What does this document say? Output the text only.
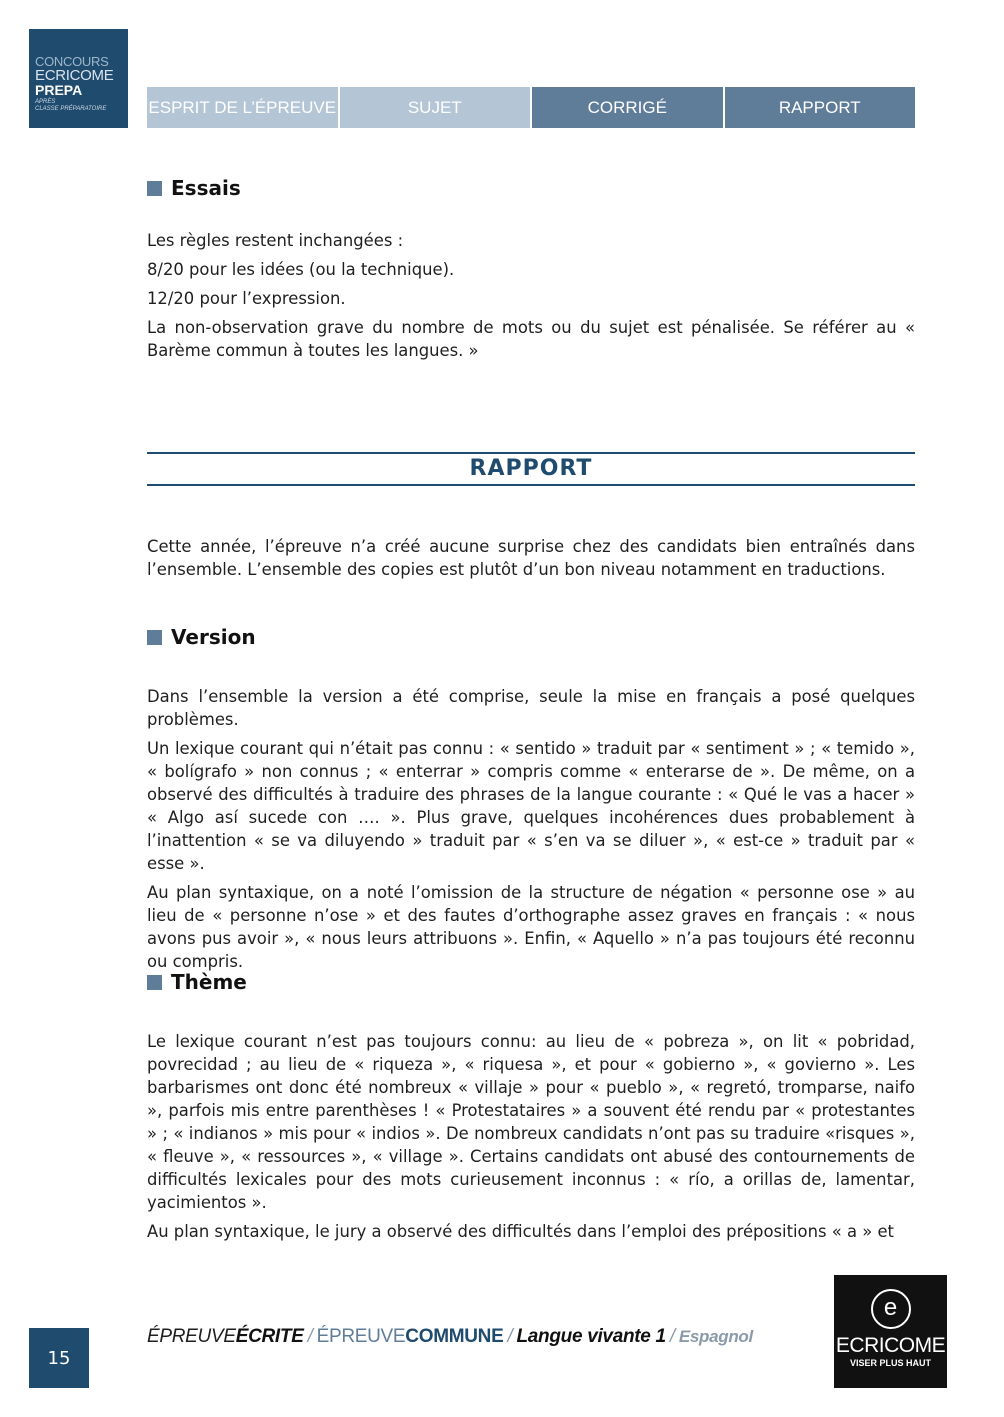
CONCOURS
ECRICOME
PREPA
APRÈS
CLASSE PRÉPARATOIRE	ESPRIT DE L’ÉPREUVE	SUJET	CORRIGÉ	RAPPORT
Essais

Les règles restent inchangées :

8/20 pour les idées (ou la technique).

12/20 pour l’expression.

La non-observation grave du nombre de mots ou du sujet est pénalisée. Se référer au « Barème commun à toutes les langues. »

RAPPORT

Cette année, l’épreuve n’a créé aucune surprise chez des candidats bien entraînés dans l’ensemble. L’ensemble des copies est plutôt d’un bon niveau notamment en traductions.

Version

Dans l’ensemble la version a été comprise, seule la mise en français a posé quelques problèmes.

Un lexique courant qui n’était pas connu : « sentido » traduit par « sentiment » ; « temido », « bolígrafo » non connus ; « enterrar » compris comme « enterarse de ». De même, on a observé des difficultés à traduire des phrases de la langue courante : « Qué le vas a hacer » « Algo así sucede con …. ». Plus grave, quelques incohérences dues probablement à l’inattention « se va diluyendo » traduit par « s’en va se diluer », « est-ce » traduit par « esse ».

Au plan syntaxique, on a noté l’omission de la structure de négation « personne ose » au lieu de « personne n’ose » et des fautes d’orthographe assez graves en français : « nous avons pus avoir », « nous leurs attribuons ». Enfin, « Aquello » n’a pas toujours été reconnu ou compris.

Thème

Le lexique courant n’est pas toujours connu: au lieu de « pobreza », on lit « pobridad, povrecidad ; au lieu de « riqueza », « riquesa », et pour « gobierno », « govierno ». Les barbarismes ont donc été nombreux « villaje » pour « pueblo », « regretó, tromparse, naifo », parfois mis entre parenthèses ! « Protestataires » a souvent été rendu par « protestantes » ; « indianos » mis pour « indios ». De nombreux candidats n’ont pas su traduire «risques », « fleuve », « ressources », « village ». Certains candidats ont abusé des contournements de difficultés lexicales pour des mots curieusement inconnus : « río, a orillas de, lamentar, yacimientos ».

Au plan syntaxique, le jury a observé des difficultés dans l’emploi des prépositions « a » et

15
ÉPREUVEÉCRITE / ÉPREUVECOMMUNE / Langue vivante 1 / Espagnol
e
ECRICOME
VISER PLUS HAUT
